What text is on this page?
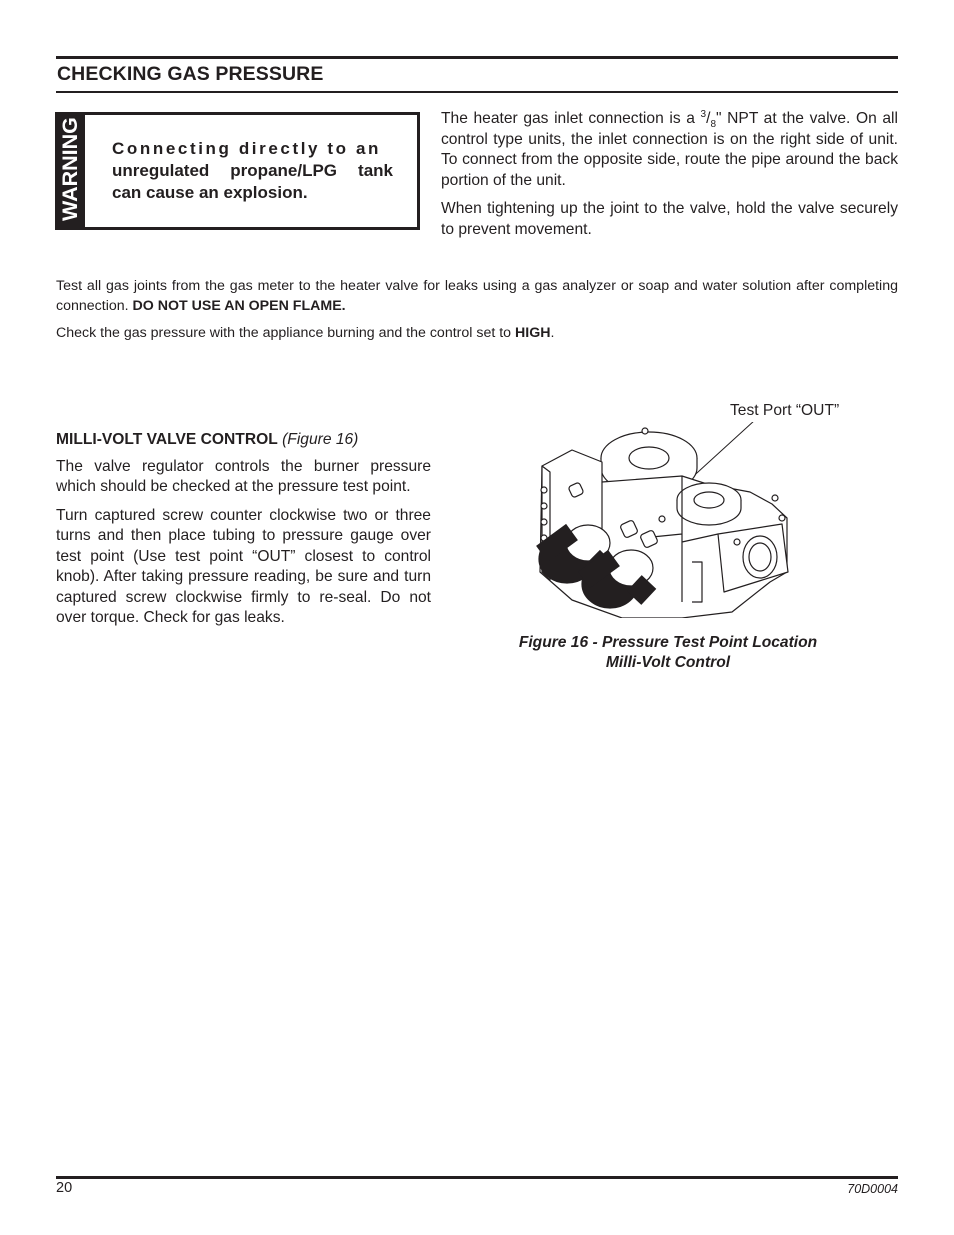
CHECKING GAS PRESSURE
WARNING Connecting directly to an
unregulated propane/LPG tank can cause an explosion.

The heater gas inlet connection is a $^3/_8$" NPT at the valve. On all control type units, the inlet connection is on the right side of unit. To connect from the opposite side, route the pipe around the back portion of the unit.

When tightening up the joint to the valve, hold the valve securely to prevent movement.

Test all gas joints from the gas meter to the heater valve for leaks using a gas analyzer or soap and water solution after completing connection. DO NOT USE AN OPEN FLAME.

Check the gas pressure with the appliance burning and the control set to HIGH.

MILLI-VOLT VALVE CONTROL (Figure 16)

The valve regulator controls the burner pressure which should be checked at the pressure test point.

Turn captured screw counter clockwise two or three turns and then place tubing to pressure gauge over test point (Use test point “OUT” closest to control knob). After taking pressure reading, be sure and turn captured screw clockwise firmly to re-seal. Do not over torque. Check for gas leaks.

Test Port “OUT”
Figure 16 - Pressure Test Point Location
Milli-Volt Control
20	70D0004
